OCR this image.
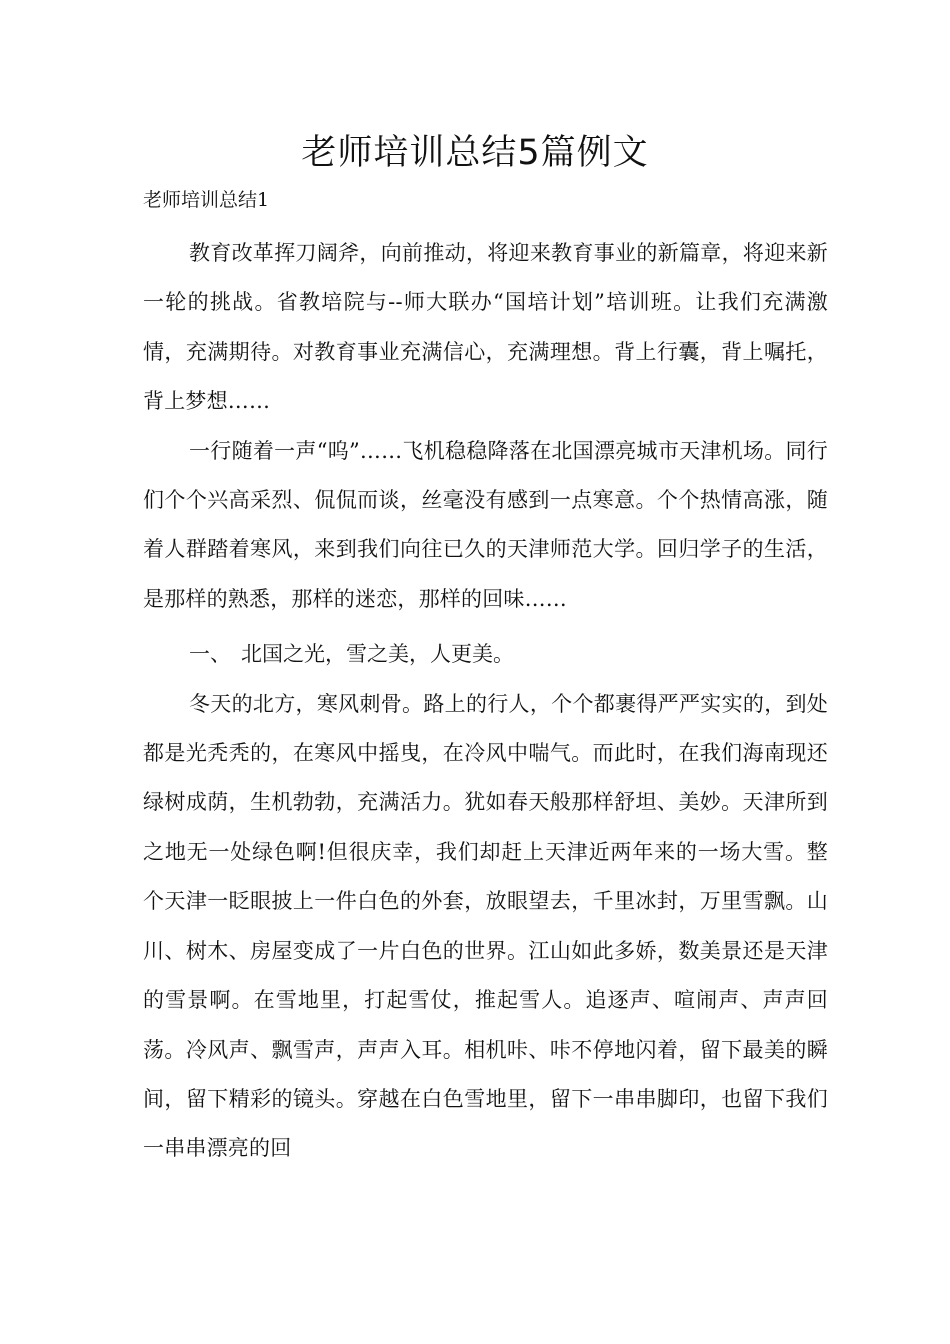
老师培训总结5篇例文

老师培训总结1

教育改革挥刀阔斧，向前推动，将迎来教育事业的新篇章，将迎来新一轮的挑战。省教培院与--师大联办“国培计划”培训班。让我们充满激情，充满期待。对教育事业充满信心，充满理想。背上行囊，背上嘱托，背上梦想……

一行随着一声“呜”……飞机稳稳降落在北国漂亮城市天津机场。同行们个个兴高采烈、侃侃而谈，丝毫没有感到一点寒意。个个热情高涨，随着人群踏着寒风，来到我们向往已久的天津师范大学。回归学子的生活，是那样的熟悉，那样的迷恋，那样的回味……

一、 北国之光，雪之美，人更美。

冬天的北方，寒风刺骨。路上的行人，个个都裹得严严实实的，到处都是光秃秃的，在寒风中摇曳，在冷风中喘气。而此时，在我们海南现还绿树成荫，生机勃勃，充满活力。犹如春天般那样舒坦、美妙。天津所到之地无一处绿色啊!但很庆幸，我们却赶上天津近两年来的一场大雪。整个天津一眨眼披上一件白色的外套，放眼望去，千里冰封，万里雪飘。山川、树木、房屋变成了一片白色的世界。江山如此多娇，数美景还是天津的雪景啊。在雪地里，打起雪仗，推起雪人。追逐声、喧闹声、声声回荡。冷风声、飘雪声，声声入耳。相机咔、咔不停地闪着，留下最美的瞬间，留下精彩的镜头。穿越在白色雪地里，留下一串串脚印，也留下我们一串串漂亮的回
